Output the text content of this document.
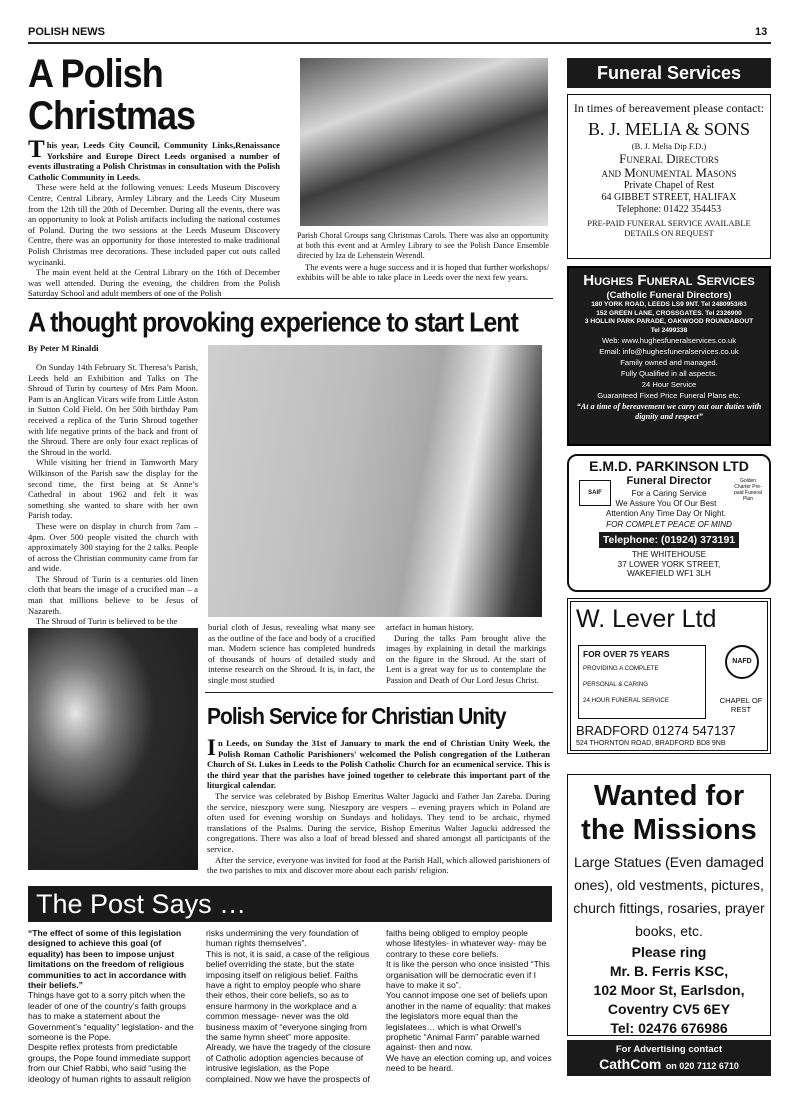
POLISH NEWS	13
A Polish
Christmas

This year, Leeds City Council, Community Links,Renaissance Yorkshire and Europe Direct Leeds organised a number of events illustrating a Polish Christmas in consultation with the Polish Catholic Community in Leeds.

These were held at the following venues: Leeds Museum Discovery Centre, Central Library, Armley Library and the Leeds City Museum from the 12th till the 20th of December. During all the events, there was an opportunity to look at Polish artifacts including the national costumes of Poland. During the two sessions at the Leeds Museum Discovery Centre, there was an opportunity for those interested to make traditional Polish Christmas tree decorations. These included paper cut outs called wycinanki.

The main event held at the Central Library on the 16th of December was well attended. During the evening, the children from the Polish Saturday School and adult members of one of the Polish

Parish Choral Groups sang Christmas Carols. There was also an opportunity at both this event and at Armley Library to see the Polish Dance Ensemble directed by Iza de Lehenstein Werendl.

The events were a huge success and it is hoped that further workshops/ exhibits will be able to take place in Leeds over the next few years.

A thought provoking experience to start Lent
By Peter M Rinaldi

On Sunday 14th February St. Theresa’s Parish, Leeds held an Exhibition and Talks on The Shroud of Turin by courtesy of Mrs Pam Moon. Pam is an Anglican Vicars wife from Little Aston in Sutton Cold Field. On her 50th birthday Pam received a replica of the Turin Shroud together with life negative prints of the back and front of the Shroud. There are only four exact replicas of the Shroud in the world.

While visiting her friend in Tamworth Mary Wilkinson of the Parish saw the display for the second time, the first being at St Anne’s Cathedral in about 1962 and felt it was something she wanted to share with her own Parish today.

These were on display in church from 7am – 4pm. Over 500 people visited the church with approximately 300 staying for the 2 talks. People of across the Christian community came from far and wide.

The Shroud of Turin is a centuries old linen cloth that bears the image of a crucified man – a man that millions believe to be Jesus of Nazareth.

The Shroud of Turin is believed to be the

burial cloth of Jesus, revealing what many see as the outline of the face and body of a crucified man. Modern science has completed hundreds of thousands of hours of detailed study and intense research on the Shroud. It is, in fact, the single most studied

artefact in human history.

During the talks Pam brought alive the images by explaining in detail the markings on the figure in the Shroud. At the start of Lent is a great way for us to contemplate the Passion and Death of Our Lord Jesus Christ.

Polish Service for Christian Unity

In Leeds, on Sunday the 31st of January to mark the end of Christian Unity Week, the Polish Roman Catholic Parishioners' welcomed the Polish congregation of the Lutheran Church of St. Lukes in Leeds to the Polish Catholic Church for an ecumenical service. This is the third year that the parishes have joined together to celebrate this important part of the liturgical calendar.

The service was celebrated by Bishop Emeritus Walter Jagucki and Father Jan Zareba. During the service, nieszpory were sung. Nieszpory are vespers – evening prayers which in Poland are often used for evening worship on Sundays and holidays. They tend to be archaic, rhymed translations of the Psalms. During the service, Bishop Emeritus Walter Jagucki addressed the congregations. There was also a loaf of bread blessed and shared amongst all participants of the service.

After the service, everyone was invited for food at the Parish Hall, which allowed parishioners of the two parishes to mix and discover more about each parish/ religion.

The Post Says …

“The effect of some of this legislation designed to achieve this goal (of equality) has been to impose unjust limitations on the freedom of religious communities to act in accordance with their beliefs.”

Things have got to a sorry pitch when the leader of one of the country’s faith groups has to make a statement about the Government’s “equality” legislation- and the someone is the Pope.

Despite reflex protests from predictable groups, the Pope found immediate support from our Chief Rabbi, who said “using the ideology of human rights to assault religion

risks undermining the very foundation of human rights themselves”.

This is not, it is said, a case of the religious belief overriding the state, but the state imposing itself on religious belief. Faiths have a right to employ people who share their ethos, their core beliefs, so as to ensure harmony in the workplace and a common message- never was the old business maxim of “everyone singing from the same hymn sheet” more apposite. Already, we have the tragedy of the closure of Catholic adoption agencies because of intrusive legislation, as the Pope complained. Now we have the prospects of

faiths being obliged to employ people whose lifestyles- in whatever way- may be contrary to these core beliefs.

It is like the person who once insisted “This organisation will be democratic even if I have to make it so”.

You cannot impose one set of beliefs upon another in the name of equality: that makes the legislators more equal than the legislatees… which is what Orwell’s prophetic “Animal Farm” parable warned against- then and now.

We have an election coming up, and voices need to be heard.

Funeral Services
In times of bereavement please contact:
B. J. MELIA & SONS
(B. J. Melia Dip F.D.)
Funeral Directors
and Monumental Masons
Private Chapel of Rest
64 GIBBET STREET, HALIFAX
Telephone: 01422 354453
PRE-PAID FUNERAL SERVICE AVAILABLE DETAILS ON REQUEST
Hughes Funeral Services
(Catholic Funeral Directors)
180 YORK ROAD, LEEDS LS9 9NT. Tel 2480953/63
152 GREEN LANE, CROSSGATES. Tel 2326900
3 HOLLIN PARK PARADE, OAKWOOD ROUNDABOUT
Tel 2499338
Web: www.hughesfuneralservices.co.uk
Email: info@hughesfuneralservices.co.uk
Family owned and managed.
Fully Qualified in all aspects.
24 Hour Service
Guaranteed Fixed Price Funeral Plans etc.
“At a time of bereavement we carry out our duties with dignity and respect”
E.M.D. PARKINSON LTD
SAIF
Golden Charter Pre-paid Funeral Plan
Funeral Director
For a Caring Service
We Assure You Of Our Best Attention Any Time Day Or Night.
FOR COMPLET PEACE OF MIND
Telephone: (01924) 373191
THE WHITEHOUSE
37 LOWER YORK STREET,
WAKEFIELD WF1 3LH
W. Lever Ltd
FOR OVER 75 YEARS
PROVIDING A COMPLETE
PERSONAL & CARING
24 HOUR FUNERAL SERVICE
NAFD
CHAPEL OF REST
BRADFORD 01274 547137
524 THORNTON ROAD, BRADFORD BD8 9NB
Wanted for
the Missions
Large Statues (Even damaged ones), old vestments, pictures, church fittings, rosaries, prayer books, etc.
Please ring
Mr. B. Ferris KSC,
102 Moor St, Earlsdon,
Coventry CV5 6EY
Tel: 02476 676986
For Advertising contact
CathCom on 020 7112 6710
